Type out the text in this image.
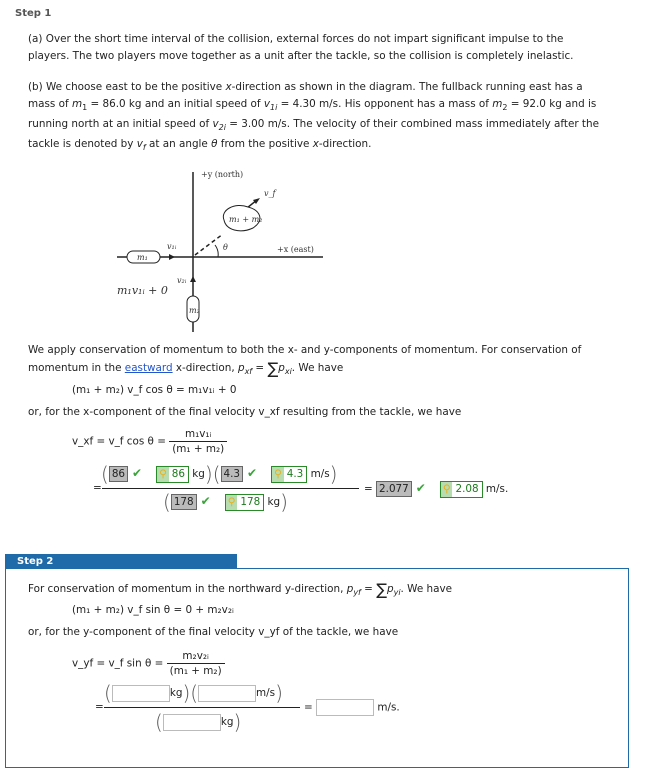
Step 1
(a) Over the short time interval of the collision, external forces do not impart significant impulse to the
players. The two players move together as a unit after the tackle, so the collision is completely inelastic.
(b) We choose east to be the positive x-direction as shown in the diagram. The fullback running east has a
mass of $m_1 = 86.0$ kg and an initial speed of $v_{1i} = 4.30$ m/s. His opponent has a mass of $m_2 = 92.0$ kg and is
running north at an initial speed of $v_{2i} = 3.00$ m/s. The velocity of their combined mass immediately after the
tackle is denoted by $v_f$ at an angle θ from the positive x-direction.
+y (north)
+x (east)
v_f
m₁ + m₂
θ
m₁
m₂
v₁ᵢ
v₂ᵢ
m₁v₁ᵢ + 0
We apply conservation of momentum to both the x- and y-components of momentum. For conservation of
momentum in the eastward x-direction, $p_{xf} = \sum p_{xi}$. We have
(m₁ + m₂) v_f cos θ = m₁v₁ᵢ + 0
or, for the x-component of the final velocity v_xf resulting from the tackle, we have
v_xf = v_f $\cos \theta = \frac{\text{m₁v₁ᵢ}}{\text{(m₁ + m₂)}}$
( 86 ✔ ⚲ 86 kg)( 4.3 ✔ ⚲ 4.3 m/s)
=
( 178 ✔ ⚲ 178 kg)
= 2.077 ✔ ⚲ 2.08 m/s.
Step 2
For conservation of momentum in the northward y-direction, $p_{yf} = \sum p_{yi}$. We have
(m₁ + m₂) v_f sin θ = 0 + m₂v₂ᵢ
or, for the y-component of the final velocity v_yf of the tackle, we have
v_yf = v_f $\sin \theta = \frac{\text{m₂v₂ᵢ}}{\text{(m₁ + m₂)}}$
(	kg)(	m/s)
=
(	kg)
=	m/s.
